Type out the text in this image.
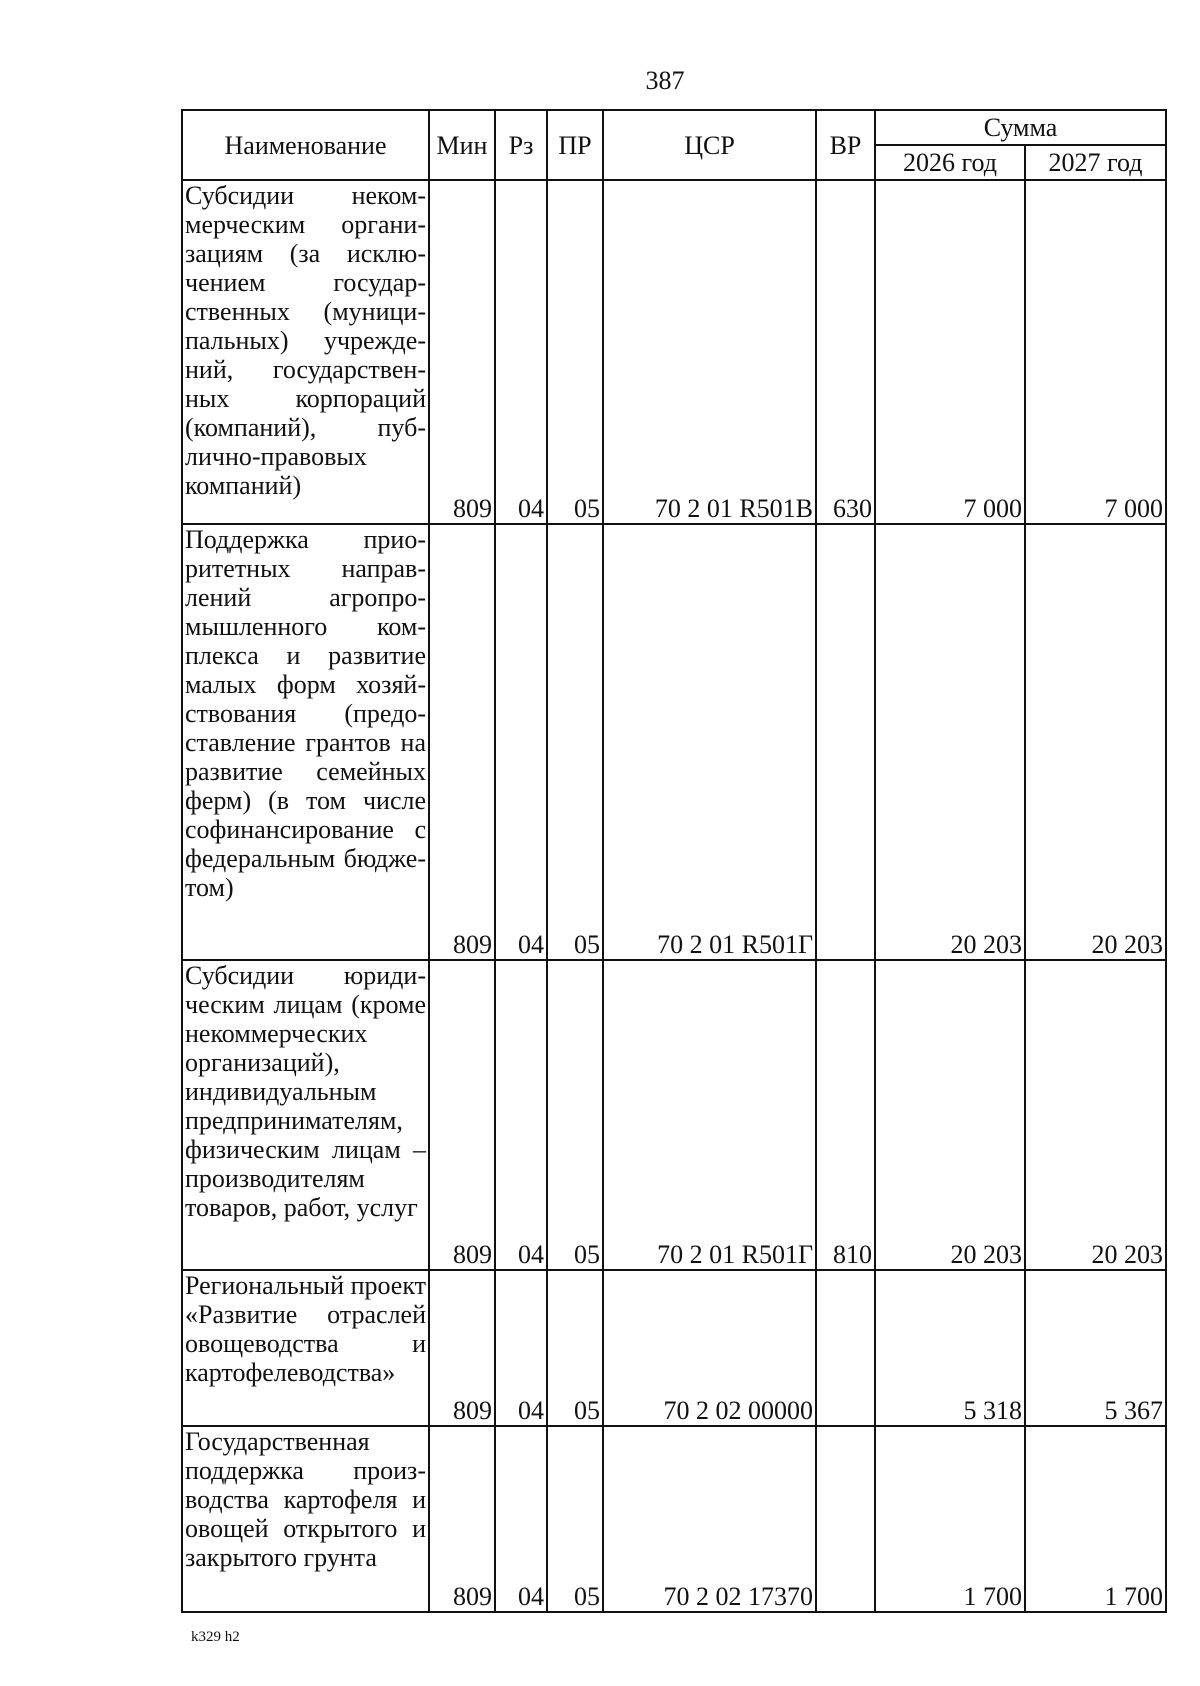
387
Наименование	Мин	Рз	ПР	ЦСР	ВР	Сумма	
						2026 год	2027 год
Субсидии некоммерческим организациям (за исключением государственных (муниципальных) учреждений, государственных корпораций (компаний), публично-правовых компаний)	809	04	05	70 2 01 R501В	630	7 000	7 000
Поддержка приоритетных направлений агропромышленного комплекса и развитие малых форм хозяйствования (предоставление грантов на развитие семейных ферм) (в том числе софинансирование с федеральным бюджетом)	809	04	05	70 2 01 R501Г		20 203	20 203
Субсидии юридическим лицам (кроме некоммерческих организаций), индивидуальным предпринимателям, физическим лицам – производителям товаров, работ, услуг	809	04	05	70 2 01 R501Г	810	20 203	20 203
Региональный проект «Развитие отраслей овощеводства и картофелеводства»	809	04	05	70 2 02 00000		5 318	5 367
Государственная поддержка производства картофеля и овощей открытого и закрытого грунта	809	04	05	70 2 02 17370		1 700	1 700
k329 h2
